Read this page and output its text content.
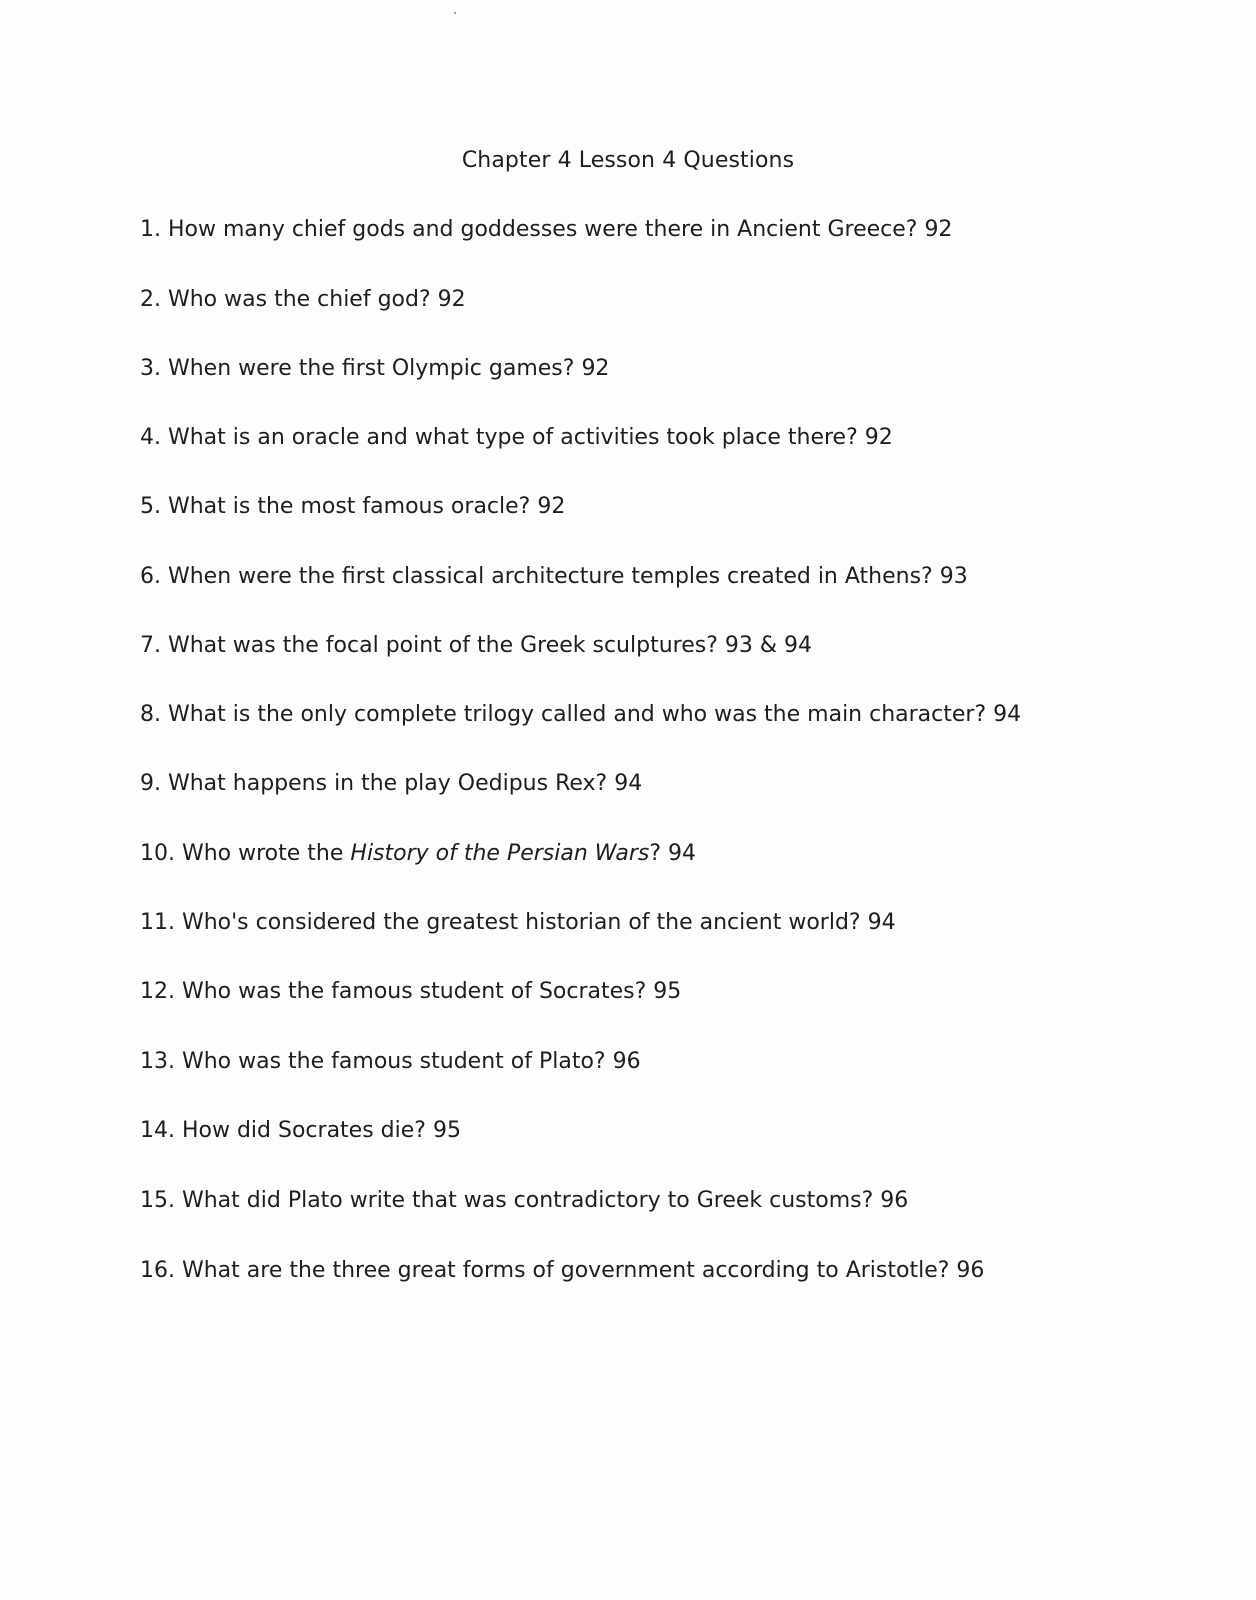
Chapter 4 Lesson 4 Questions
1. How many chief gods and goddesses were there in Ancient Greece? 92
2. Who was the chief god? 92
3. When were the first Olympic games? 92
4. What is an oracle and what type of activities took place there? 92
5. What is the most famous oracle? 92
6. When were the first classical architecture temples created in Athens? 93
7. What was the focal point of the Greek sculptures? 93 & 94
8. What is the only complete trilogy called and who was the main character? 94
9. What happens in the play Oedipus Rex? 94
10. Who wrote the History of the Persian Wars? 94
11. Who's considered the greatest historian of the ancient world? 94
12. Who was the famous student of Socrates? 95
13. Who was the famous student of Plato? 96
14. How did Socrates die? 95
15. What did Plato write that was contradictory to Greek customs? 96
16. What are the three great forms of government according to Aristotle? 96
